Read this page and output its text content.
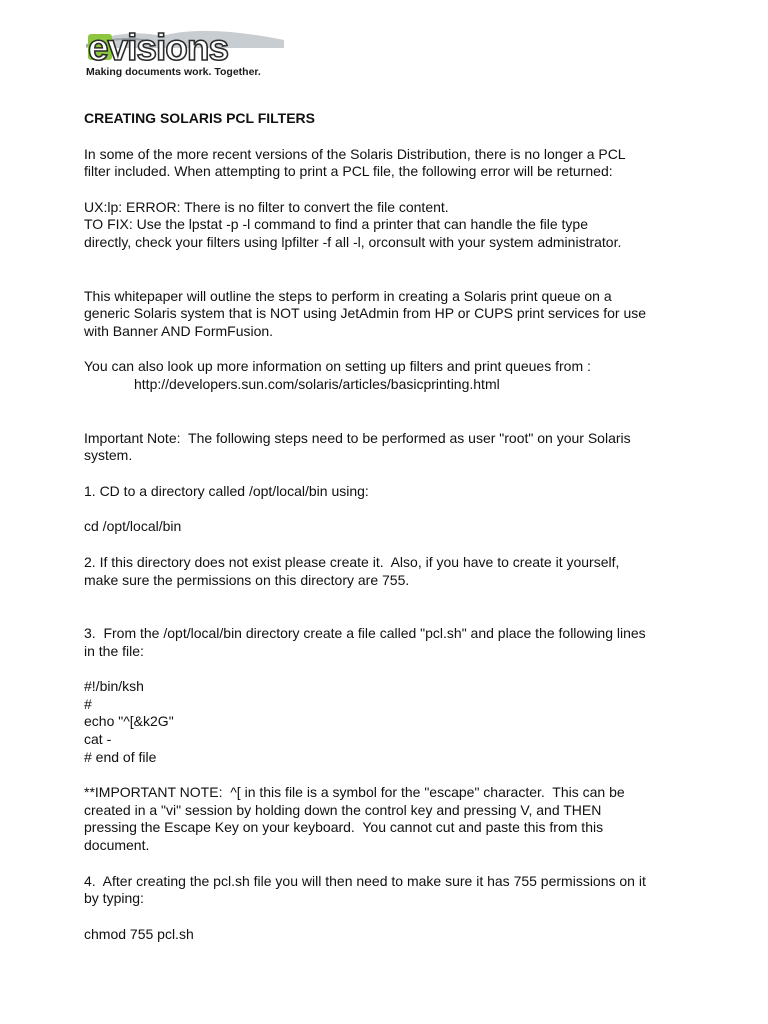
evisions
Making documents work. Together.

CREATING SOLARIS PCL FILTERS

In some of the more recent versions of the Solaris Distribution, there is no longer a PCL
filter included. When attempting to print a PCL file, the following error will be returned:

UX:lp: ERROR: There is no filter to convert the file content.
TO FIX: Use the lpstat -p -l command to find a printer that can handle the file type
directly, check your filters using lpfilter -f all -l, orconsult with your system administrator.

This whitepaper will outline the steps to perform in creating a Solaris print queue on a
generic Solaris system that is NOT using JetAdmin from HP or CUPS print services for use
with Banner AND FormFusion.

You can also look up more information on setting up filters and print queues from :

http://developers.sun.com/solaris/articles/basicprinting.html

Important Note:  The following steps need to be performed as user "root" on your Solaris
system.

1. CD to a directory called /opt/local/bin using:

cd /opt/local/bin

2. If this directory does not exist please create it.  Also, if you have to create it yourself,
make sure the permissions on this directory are 755.

3.  From the /opt/local/bin directory create a file called "pcl.sh" and place the following lines
in the file:

#!/bin/ksh
#
echo "^[&k2G"
cat -
# end of file

**IMPORTANT NOTE:  ^[ in this file is a symbol for the "escape" character.  This can be
created in a "vi" session by holding down the control key and pressing V, and THEN
pressing the Escape Key on your keyboard.  You cannot cut and paste this from this
document.

4.  After creating the pcl.sh file you will then need to make sure it has 755 permissions on it
by typing:

chmod 755 pcl.sh
